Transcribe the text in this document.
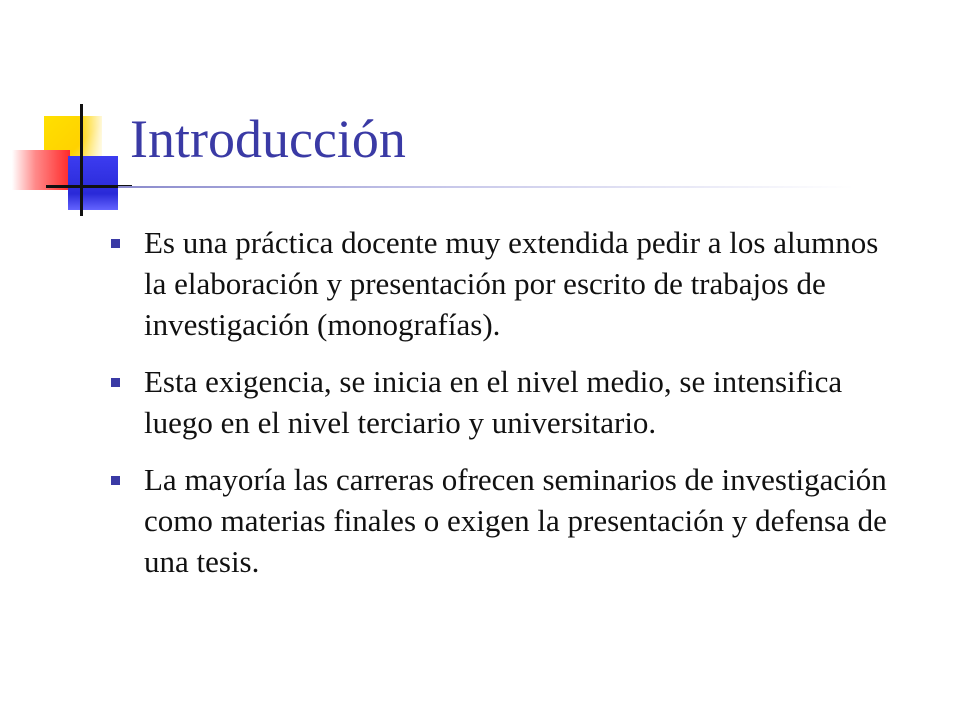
Introducción
Es una práctica docente muy extendida pedir a los alumnos la elaboración y presentación por escrito de trabajos de investigación (monografías).
Esta exigencia, se inicia en el nivel medio, se intensifica luego en el nivel terciario y universitario.
La mayoría las carreras ofrecen seminarios de investigación como materias finales o exigen la presentación y defensa de una tesis.
